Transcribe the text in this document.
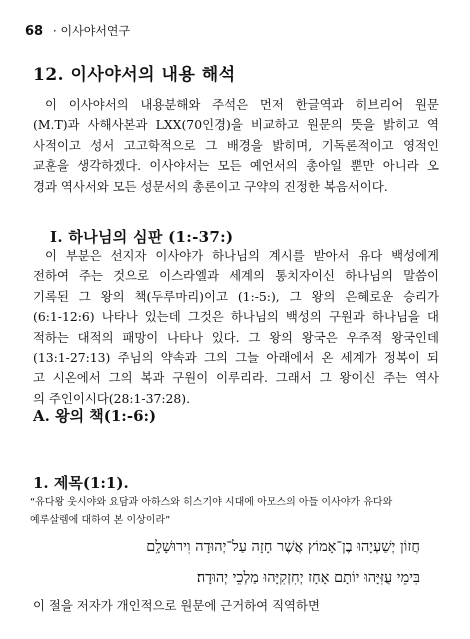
68 · 이사야서연구
12. 이사야서의 내용 해석
이 이사야서의 내용분해와 주석은 먼저 한글역과 히브리어 원문
(M.T)과 사해사본과 LXX(70인경)을 비교하고 원문의 뜻을 밝히고 역
사적이고 성서 고고학적으로 그 배경을 밝히며, 기독론적이고 영적인
교훈을 생각하겠다. 이사야서는 모든 예언서의 총아일 뿐만 아니라 오
경과 역사서와 모든 성문서의 총론이고 구약의 진정한 복음서이다.
Ⅰ. 하나님의 심판 (1:-37:)
이 부분은 선지자 이사야가 하나님의 계시를 받아서 유다 백성에게
전하여 주는 것으로 이스라엘과 세계의 통치자이신 하나님의 말씀이
기록된 그 왕의 책(두루마리)이고 (1:-5:), 그 왕의 은혜로운 승리가
(6:1-12:6) 나타나 있는데 그것은 하나님의 백성의 구원과 하나님을 대
적하는 대적의 패망이 나타나 있다. 그 왕의 왕국은 우주적 왕국인데
(13:1-27:13) 주님의 약속과 그의 그늘 아래에서 온 세계가 정복이 되
고 시온에서 그의 복과 구원이 이루리라. 그래서 그 왕이신 주는 역사
의 주인이시다(28:1-37:28).
A. 왕의 책(1:-6:)
1. 제목(1:1).
“유다왕 웃시야와 요담과 아하스와 히스기야 시대에 아모스의 아들 이사야가 유다와
예루살렘에 대하여 본 이상이라”
חֲזוֹן יְשַׁעְיָהוּ בֶן־אָמוֹץ אֲשֶׁר חָזָה עַל־יְהוּדָה וִירוּשָׁלִָם
בִּימֵי עֻזִּיָּהוּ יוֹתָם אָחָז יְחִזְקִיָּהוּ מַלְכֵי יְהוּדָה׃
이 절을 저자가 개인적으로 원문에 근거하여 직역하면
